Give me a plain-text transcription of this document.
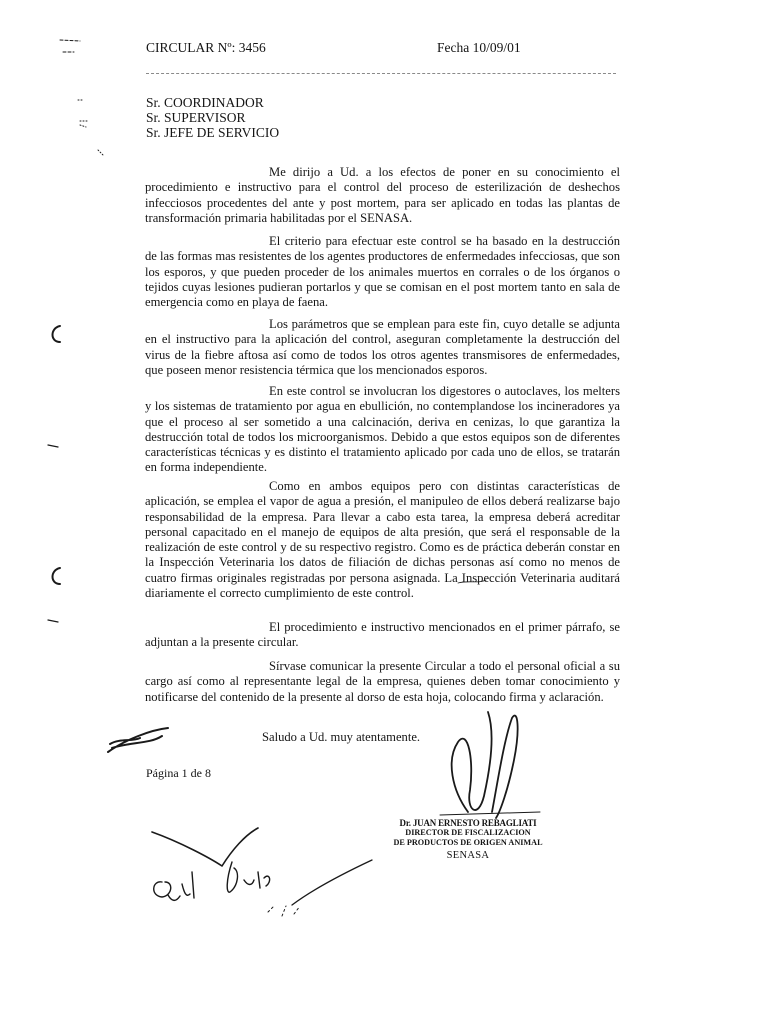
CIRCULAR Nº: 3456	Fecha 10/09/01
Sr. COORDINADOR
Sr. SUPERVISOR
Sr. JEFE DE SERVICIO

Me dirijo a Ud. a los efectos de poner en su conocimiento el procedimiento e instructivo para el control del proceso de esterilización de deshechos infecciosos procedentes del ante y post mortem, para ser aplicado en todas las plantas de transformación primaria habilitadas por el SENASA.

El criterio para efectuar este control se ha basado en la destrucción de las formas mas resistentes de los agentes productores de enfermedades infecciosas, que son los esporos, y que pueden proceder de los animales muertos en corrales o de los órganos o tejidos cuyas lesiones pudieran portarlos y que se comisan en el post mortem tanto en sala de emergencia como en playa de faena.

Los parámetros que se emplean para este fin, cuyo detalle se adjunta en el instructivo para la aplicación del control, aseguran completamente la destrucción del virus de la fiebre aftosa así como de todos los otros agentes transmisores de enfermedades, que poseen menor resistencia térmica que los mencionados esporos.

En este control se involucran los digestores o autoclaves, los melters y los sistemas de tratamiento por agua en ebullición, no contemplandose los incineradores ya que el proceso al ser sometido a una calcinación, deriva en cenizas, lo que garantiza la destrucción total de todos los microorganismos. Debido a que estos equipos son de diferentes características técnicas y es distinto el tratamiento aplicado por cada uno de ellos, se tratarán en forma independiente.

Como en ambos equipos pero con distintas características de aplicación, se emplea el vapor de agua a presión, el manipuleo de ellos deberá realizarse bajo responsabilidad de la empresa. Para llevar a cabo esta tarea, la empresa deberá acreditar personal capacitado en el manejo de equipos de alta presión, que será el responsable de la realización de este control y de su respectivo registro. Como es de práctica deberán constar en la Inspección Veterinaria los datos de filiación de dichas personas así como no menos de cuatro firmas originales registradas por persona asignada. La Inspección Veterinaria auditará diariamente el correcto cumplimiento de este control.

El procedimiento e instructivo mencionados en el primer párrafo, se adjuntan a la presente circular.

Sírvase comunicar la presente Circular a todo el personal oficial a su cargo así como al representante legal de la empresa, quienes deben tomar conocimiento y notificarse del contenido de la presente al dorso de esta hoja, colocando firma y aclaración.

Saludo a Ud. muy atentamente.
Página 1 de 8
Dr. JUAN ERNESTO REBAGLIATI
DIRECTOR DE FISCALIZACION
DE PRODUCTOS DE ORIGEN ANIMAL
SENASA
